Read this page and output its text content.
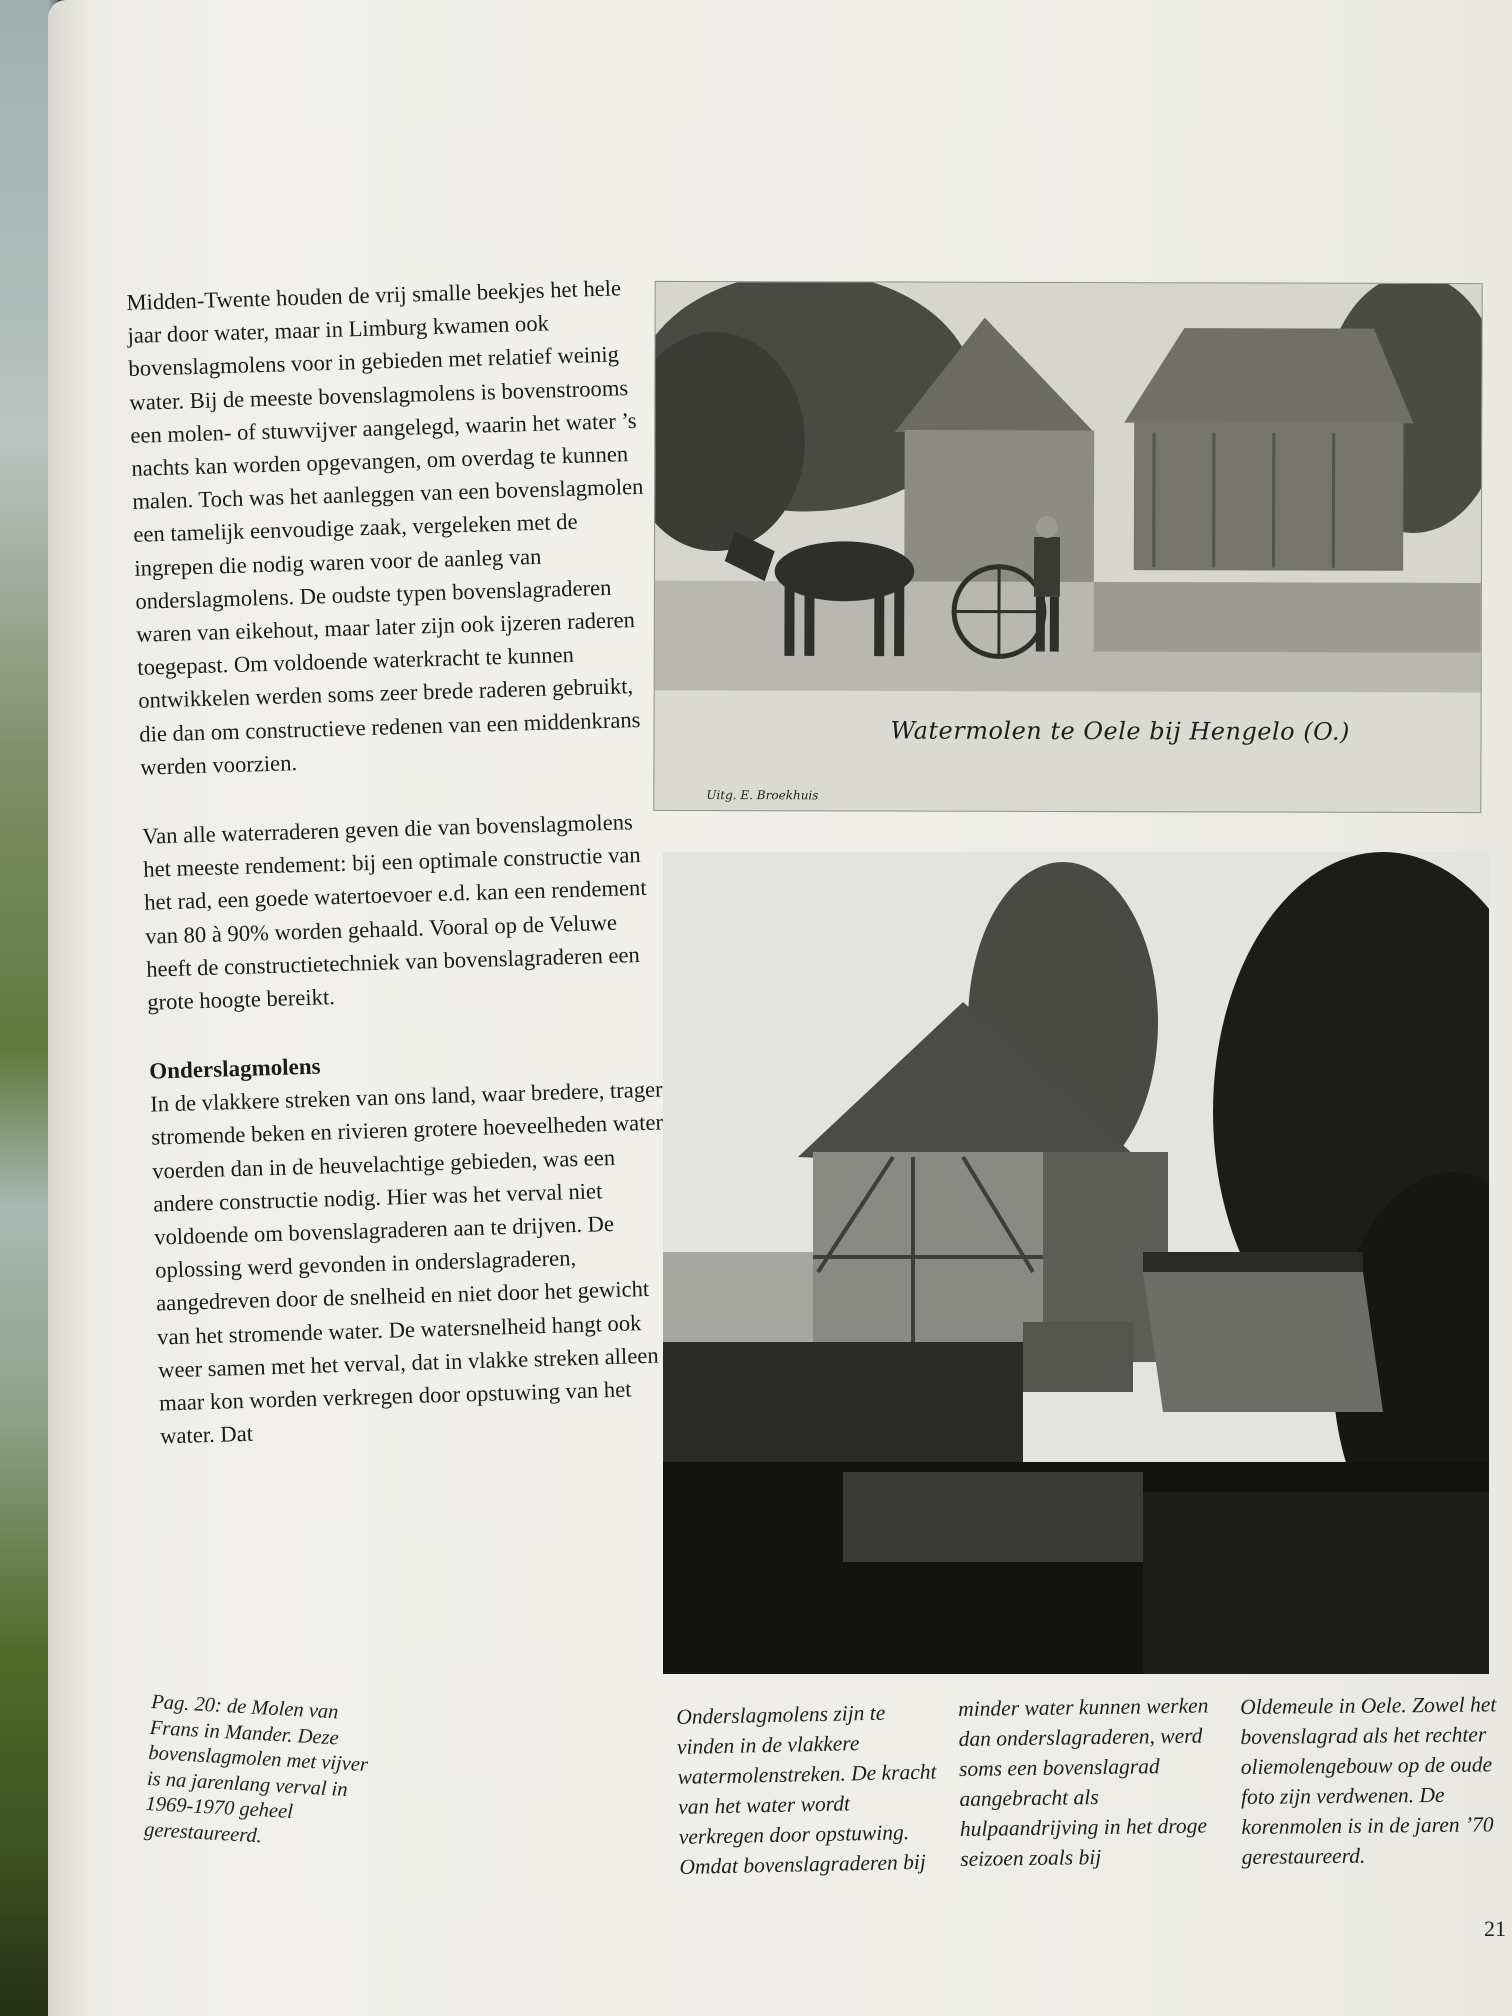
Midden-Twente houden de vrij smalle beekjes het hele jaar door water, maar in Limburg kwamen ook bovenslagmolens voor in gebieden met relatief weinig water. Bij de meeste bovenslagmolens is bovenstrooms een molen- of stuwvijver aangelegd, waarin het water ’s nachts kan worden opgevangen, om overdag te kunnen malen. Toch was het aanleggen van een bovenslagmolen een tamelijk eenvoudige zaak, vergeleken met de ingrepen die nodig waren voor de aanleg van onderslagmolens. De oudste typen bovenslagraderen waren van eikehout, maar later zijn ook ijzeren raderen toegepast. Om voldoende waterkracht te kunnen ontwikkelen werden soms zeer brede raderen gebruikt, die dan om constructieve redenen van een middenkrans werden voorzien.

Van alle waterraderen geven die van bovenslagmolens het meeste rendement: bij een optimale constructie van het rad, een goede watertoevoer e.d. kan een rendement van 80 à 90% worden gehaald. Vooral op de Veluwe heeft de constructietechniek van bovenslagraderen een grote hoogte bereikt.

Onderslagmolens

In de vlakkere streken van ons land, waar bredere, trager stromende beken en rivieren grotere hoeveelheden water voerden dan in de heuvelachtige gebieden, was een andere constructie nodig. Hier was het verval niet voldoende om bovenslagraderen aan te drijven. De oplossing werd gevonden in onderslagraderen, aangedreven door de snelheid en niet door het gewicht van het stromende water. De watersnelheid hangt ook weer samen met het verval, dat in vlakke streken alleen maar kon worden verkregen door opstuwing van het water. Dat

Pag. 20: de Molen van Frans in Mander. Deze bovenslagmolen met vijver is na jarenlang verval in 1969-1970 geheel gerestaureerd.
Watermolen te Oele bij Hengelo (O.)
Uitg. E. Broekhuis
Onderslagmolens zijn te vinden in de vlakkere watermolenstreken. De kracht van het water wordt verkregen door opstuwing. Omdat bovenslagraderen bij
minder water kunnen werken dan onderslagraderen, werd soms een bovenslagrad aangebracht als hulpaandrijving in het droge seizoen zoals bij
Oldemeule in Oele. Zowel het bovenslagrad als het rechter oliemolengebouw op de oude foto zijn verdwenen. De korenmolen is in de jaren ’70 gerestaureerd.
21
